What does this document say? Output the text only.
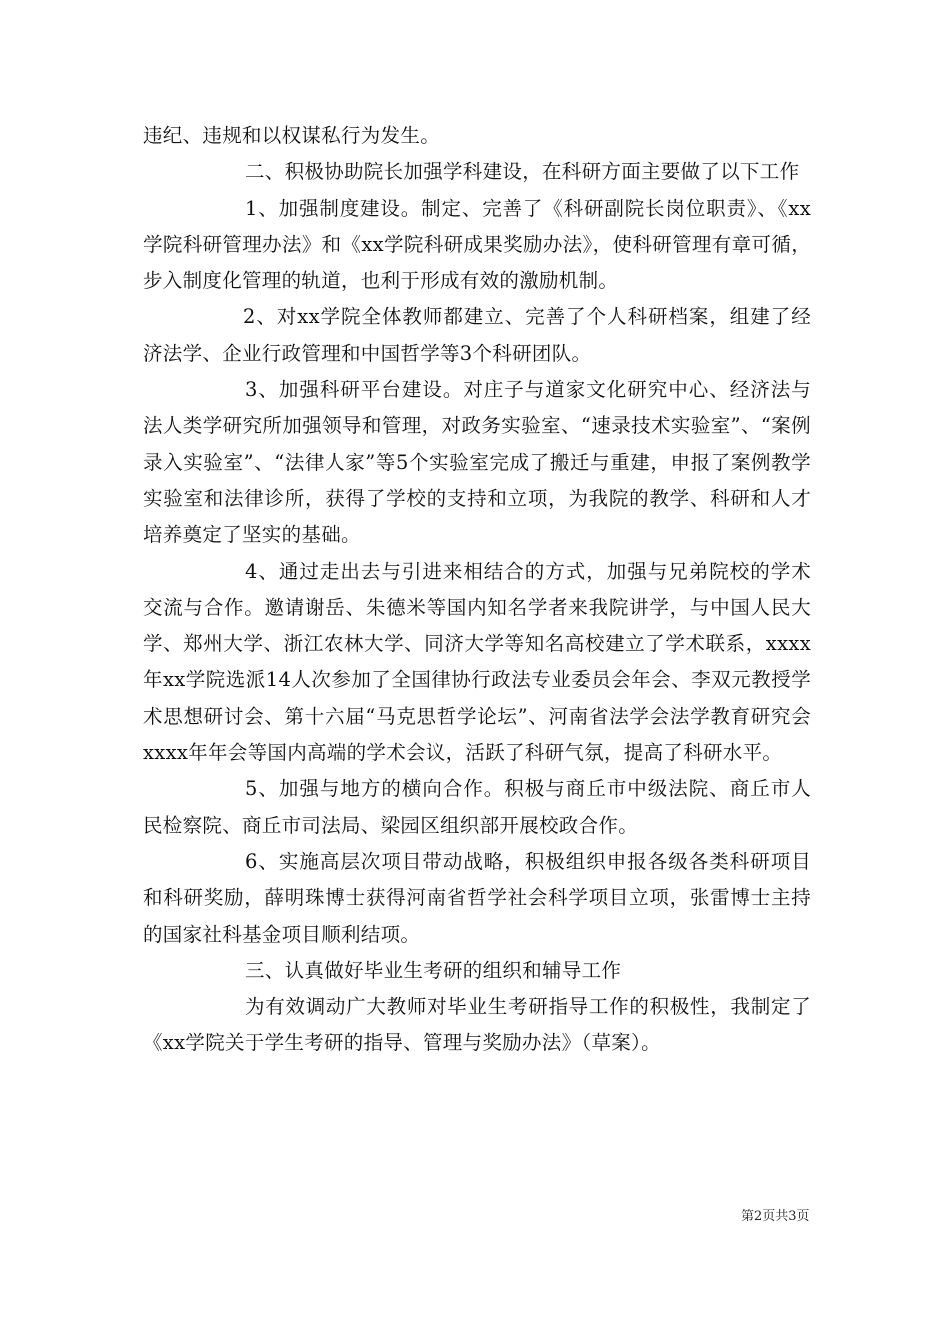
违纪、违规和以权谋私行为发生。

二、积极协助院长加强学科建设，在科研方面主要做了以下工作

1、加强制度建设。制定、完善了《科研副院长岗位职责》、《xx学院科研管理办法》和《xx学院科研成果奖励办法》，使科研管理有章可循，步入制度化管理的轨道，也利于形成有效的激励机制。

2、对xx学院全体教师都建立、完善了个人科研档案，组建了经济法学、企业行政管理和中国哲学等3个科研团队。

3、加强科研平台建设。对庄子与道家文化研究中心、经济法与法人类学研究所加强领导和管理，对政务实验室、“速录技术实验室”、“案例录入实验室”、“法律人家”等5个实验室完成了搬迁与重建，申报了案例教学实验室和法律诊所，获得了学校的支持和立项，为我院的教学、科研和人才培养奠定了坚实的基础。

4、通过走出去与引进来相结合的方式，加强与兄弟院校的学术交流与合作。邀请谢岳、朱德米等国内知名学者来我院讲学，与中国人民大学、郑州大学、浙江农林大学、同济大学等知名高校建立了学术联系，xxxx年xx学院选派14人次参加了全国律协行政法专业委员会年会、李双元教授学术思想研讨会、第十六届“马克思哲学论坛”、河南省法学会法学教育研究会xxxx年年会等国内高端的学术会议，活跃了科研气氛，提高了科研水平。

5、加强与地方的横向合作。积极与商丘市中级法院、商丘市人民检察院、商丘市司法局、梁园区组织部开展校政合作。

6、实施高层次项目带动战略，积极组织申报各级各类科研项目和科研奖励，薛明珠博士获得河南省哲学社会科学项目立项，张雷博士主持的国家社科基金项目顺利结项。

三、认真做好毕业生考研的组织和辅导工作

为有效调动广大教师对毕业生考研指导工作的积极性，我制定了《xx学院关于学生考研的指导、管理与奖励办法》（草案）。

第2页共3页
